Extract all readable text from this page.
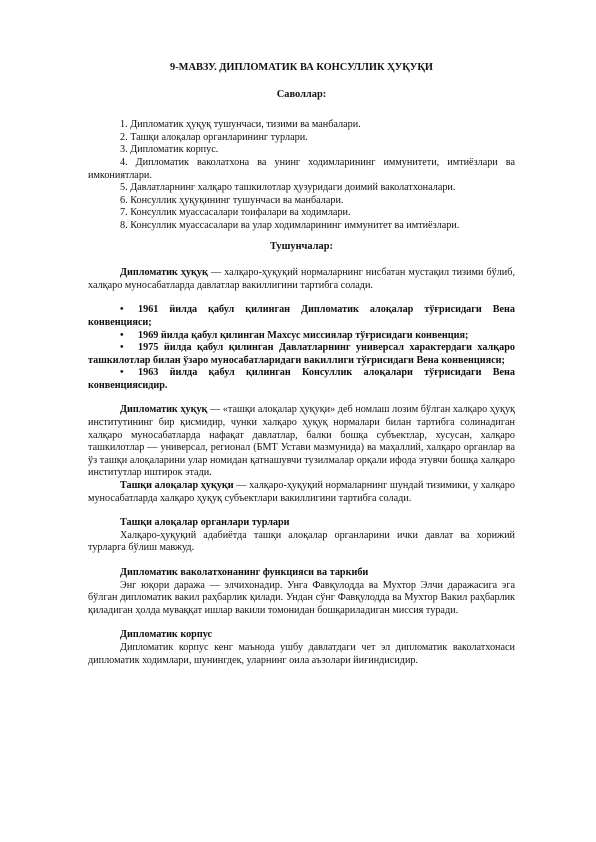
9-МАВЗУ. ДИПЛОМАТИК ВА КОНСУЛЛИК ҲУҚУҚИ
Саволлар:

1. Дипломатик ҳуқуқ тушунчаси, тизими ва манбалари.

2. Ташқи алоқалар органларининг турлари.

3. Дипломатик корпус.

4. Дипломатик ваколатхона ва унинг ходимларининг иммунитети, имтиёзлари ва имкониятлари.

5. Давлатларнинг халқаро ташкилотлар ҳузуридаги доимий ваколатхоналари.

6. Консуллик ҳуқуқининг тушунчаси ва манбалари.

7. Консуллик муассасалари тоифалари ва ходимлари.

8. Консуллик муассасалари ва улар ходимларининг иммунитет ва имтиёзлари.

Тушунчалар:

Дипломатик ҳуқуқ — халқаро-ҳуқуқий нормаларнинг нисбатан мустақил тизими бўлиб, халқаро муносабатларда давлатлар вакиллигини тартибга солади.

• 1961 йилда қабул қилинган Дипломатик алоқалар тўғрисидаги Вена конвенцияси;

• 1969 йилда қабул қилинган Махсус миссиялар тўғрисидаги конвенция;

• 1975 йилда қабул қилинган Давлатларнинг универсал характердаги халқаро ташкилотлар билан ўзаро муносабатларидаги вакиллиги тўғрисидаги Вена конвенцияси;

• 1963 йилда қабул қилинган Консуллик алоқалари тўғрисидаги Вена конвенциясидир.

Дипломатик ҳуқуқ — «ташқи алоқалар ҳуқуқи» деб номлаш лозим бўлган халқаро ҳуқуқ институтининг бир қисмидир, чунки халқаро ҳуқуқ нормалари билан тартибга солинадиган халқаро муносабатларда нафақат давлатлар, балки бошқа субъектлар, хусусан, халқаро ташкилотлар — универсал, регионал (БМТ Устави мазмунида) ва маҳаллий, халқаро органлар ва ўз ташқи алоқаларини улар номидан қатнашувчи тузилмалар орқали ифода этувчи бошқа халқаро институтлар иштирок этади.

Ташқи алоқалар ҳуқуқи — халқаро-ҳуқуқий нормаларнинг шундай тизимики, у халқаро муносабатларда халқаро ҳуқуқ субъектлари вакиллигини тартибга солади.

Ташқи алоқалар органлари турлари

Халқаро-ҳуқуқий адабиётда ташқи алоқалар органларини ички давлат ва хорижий турларга бўлиш мавжуд.

Дипломатик ваколатхонанинг функцияси ва таркиби

Энг юқори даража — элчихонадир. Унга Фавқулодда ва Мухтор Элчи даражасига эга бўлган дипломатик вакил раҳбарлик қилади. Ундан сўнг Фавқулодда ва Мухтор Вакил раҳбарлик қиладиган ҳолда муваққат ишлар вакили томонидан бошқариладиган миссия туради.

Дипломатик корпус

Дипломатик корпус кенг маънода ушбу давлатдаги чет эл дипломатик ваколатхонаси дипломатик ходимлари, шунингдек, уларнинг оила аъзолари йиғиндисидир.
